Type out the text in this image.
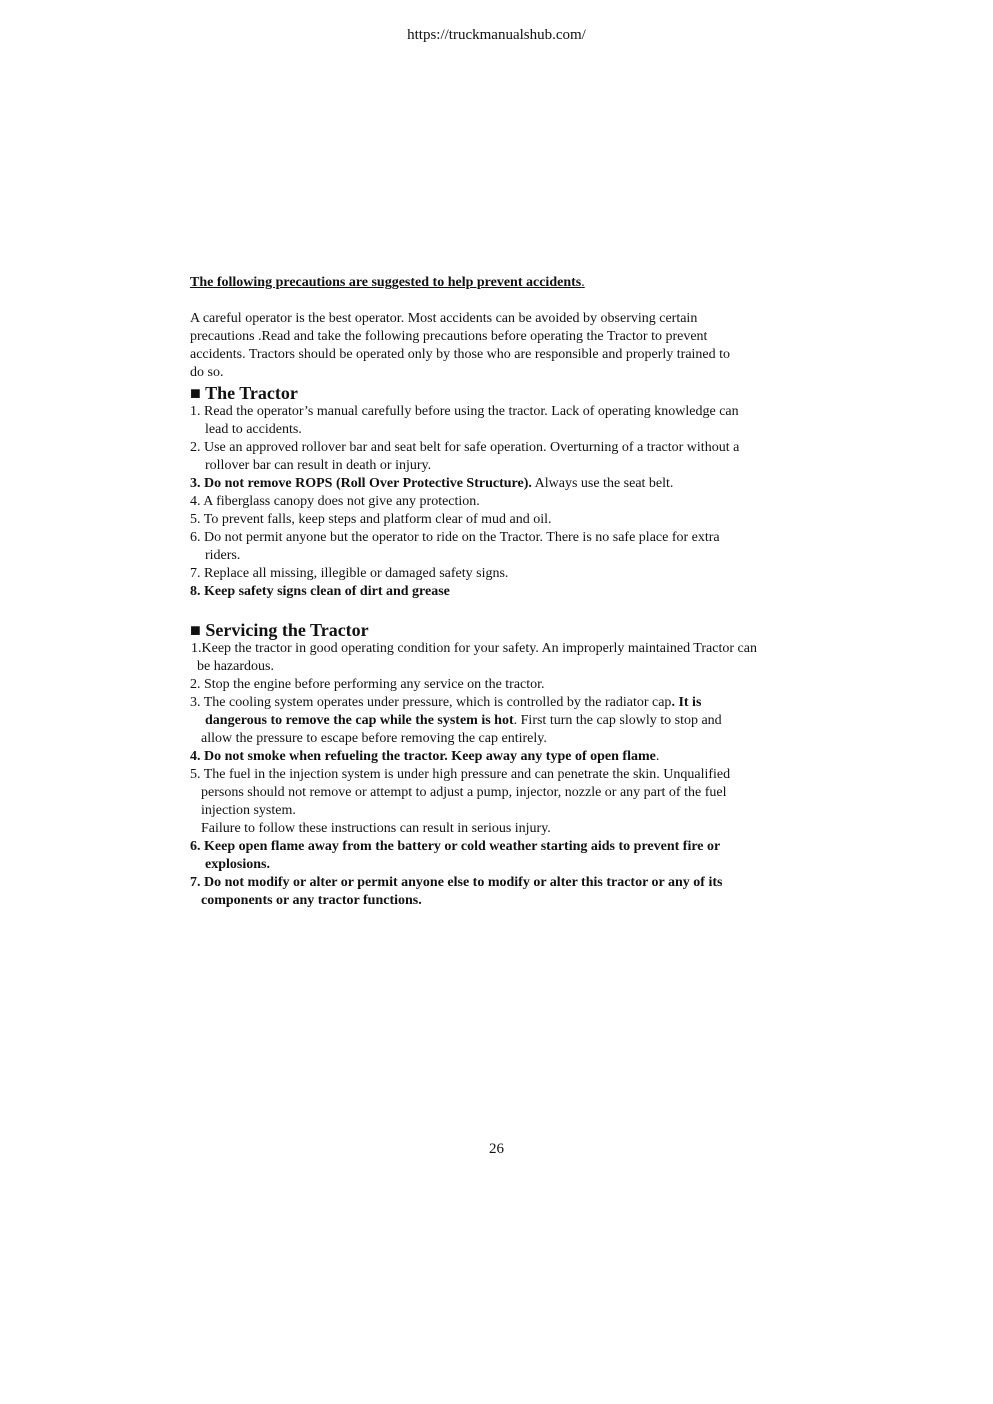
https://truckmanualshub.com/

The following precautions are suggested to help prevent accidents.

A careful operator is the best operator. Most accidents can be avoided by observing certain
precautions .Read and take the following precautions before operating the Tractor to prevent
accidents. Tractors should be operated only by those who are responsible and properly trained to
do so.
■ The Tractor
1. Read the operator’s manual carefully before using the tractor. Lack of operating knowledge can
lead to accidents.
2. Use an approved rollover bar and seat belt for safe operation. Overturning of a tractor without a
rollover bar can result in death or injury.
3. Do not remove ROPS (Roll Over Protective Structure). Always use the seat belt.
4. A fiberglass canopy does not give any protection.
5. To prevent falls, keep steps and platform clear of mud and oil.
6. Do not permit anyone but the operator to ride on the Tractor. There is no safe place for extra
riders.
7. Replace all missing, illegible or damaged safety signs.
8. Keep safety signs clean of dirt and grease
■ Servicing the Tractor
1.Keep the tractor in good operating condition for your safety. An improperly maintained Tractor can
be hazardous.
2. Stop the engine before performing any service on the tractor.
3. The cooling system operates under pressure, which is controlled by the radiator cap. It is
dangerous to remove the cap while the system is hot. First turn the cap slowly to stop and
allow the pressure to escape before removing the cap entirely.
4. Do not smoke when refueling the tractor. Keep away any type of open flame.
5. The fuel in the injection system is under high pressure and can penetrate the skin. Unqualified
persons should not remove or attempt to adjust a pump, injector, nozzle or any part of the fuel
injection system.
Failure to follow these instructions can result in serious injury.
6. Keep open flame away from the battery or cold weather starting aids to prevent fire or
explosions.
7. Do not modify or alter or permit anyone else to modify or alter this tractor or any of its
components or any tractor functions.
26
